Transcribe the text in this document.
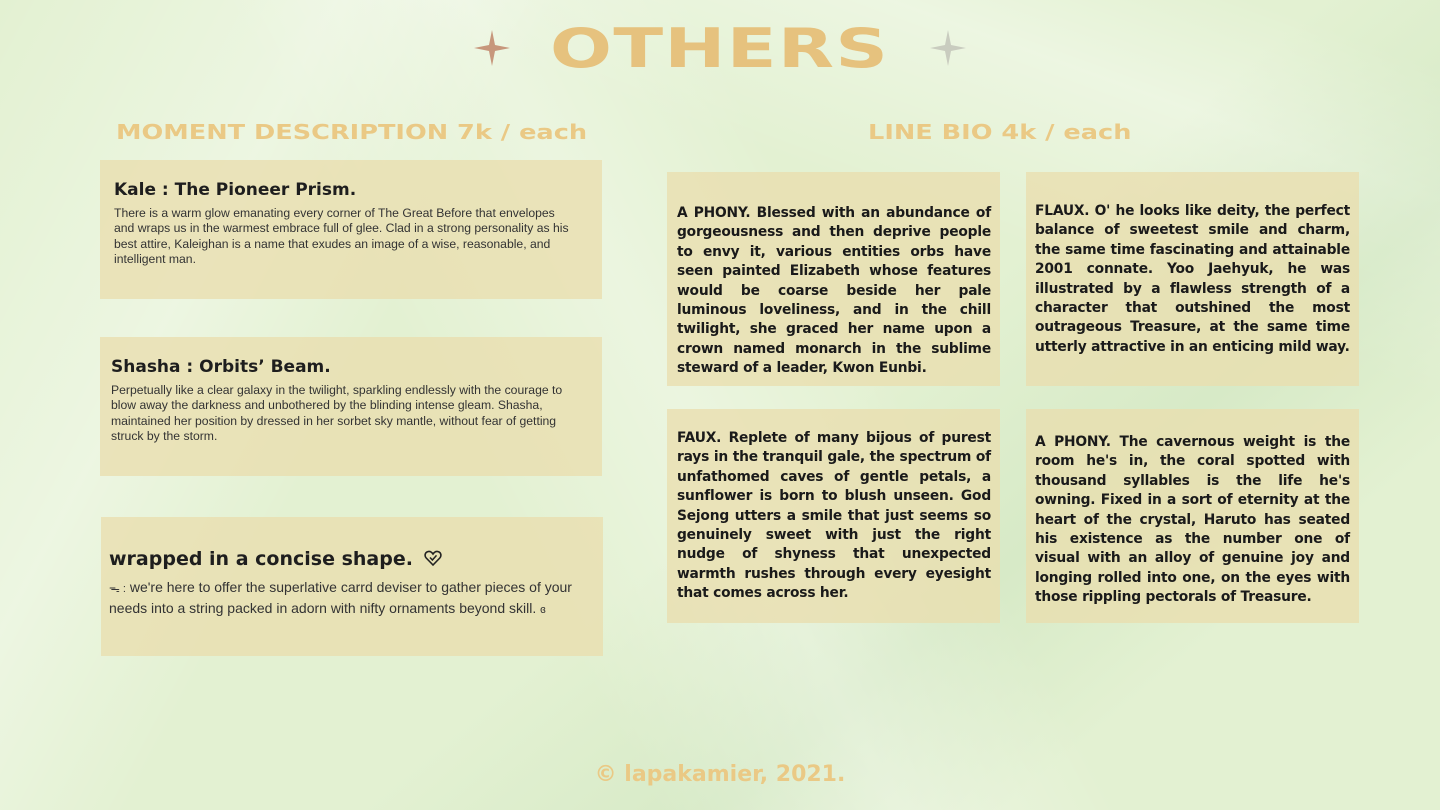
OTHERS
MOMENT DESCRIPTION 7k / each	LINE BIO 4k / each
Kale : The Pioneer Prism.

There is a warm glow emanating every corner of The Great Before that envelopes and wraps us in the warmest embrace full of glee. Clad in a strong personality as his best attire, Kaleighan is a name that exudes an image of a wise, reasonable, and intelligent man.

Shasha : Orbits’ Beam.

Perpetually like a clear galaxy in the twilight, sparkling endlessly with the courage to blow away the darkness and unbothered by the blinding intense gleam. Shasha, maintained her position by dressed in her sorbet sky mantle, without fear of getting struck by the storm.

wrapped in a concise shape.

ᯓ : we're here to offer the superlative carrd deviser to gather pieces of your needs into a string packed in adorn with nifty ornaments beyond skill. ɞ

A PHONY. Blessed with an abundance of gorgeousness and then deprive people to envy it, various entities orbs have seen painted Elizabeth whose features would be coarse beside her pale luminous loveliness, and in the chill twilight, she graced her name upon a crown named monarch in the sublime steward of a leader, Kwon Eunbi.

FLAUX. O' he looks like deity, the perfect balance of sweetest smile and charm, the same time fascinating and attainable 2001 connate. Yoo Jaehyuk, he was illustrated by a flawless strength of a character that outshined the most outrageous Treasure, at the same time utterly attractive in an enticing mild way.

FAUX. Replete of many bijous of purest rays in the tranquil gale, the spectrum of unfathomed caves of gentle petals, a sunflower is born to blush unseen. God Sejong utters a smile that just seems so genuinely sweet with just the right nudge of shyness that unexpected warmth rushes through every eyesight that comes across her.

A PHONY. The cavernous weight is the room he's in, the coral spotted with thousand syllables is the life he's owning. Fixed in a sort of eternity at the heart of the crystal, Haruto has seated his existence as the number one of visual with an alloy of genuine joy and longing rolled into one, on the eyes with those rippling pectorals of Treasure.

© lapakamier, 2021.
